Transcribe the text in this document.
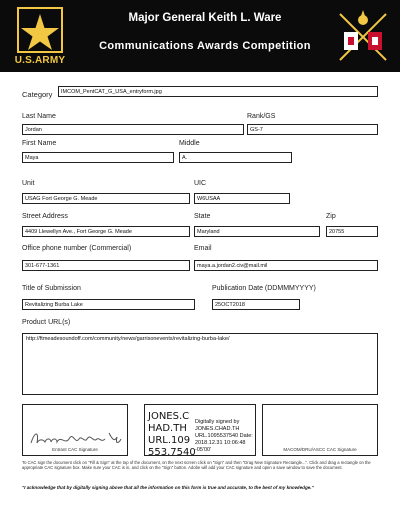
U.S.ARMY
Major General Keith L. Ware
Communications Awards Competition
Category	IMCOM_PentCAT_G_USA_entryform.jpg
Last Name
Jordan
Rank/GS
GS-7
First Name
Maya
Middle
A.
Unit
USAG Fort George G. Meade
UIC
W6USAA
Street Address
4409 Llewellyn Ave., Fort George G. Meade
State
Maryland
Zip
20755
Office phone number (Commercial)
301-677-1361
Email
maya.a.jordan2.civ@mail.mil
Title of Submission
Revitalizing Burba Lake
Publication Date (DDMMMYYYY)
25OCT2018
Product URL(s)
http://ftmeadesoundoff.com/community/news/garrisonevents/revitalizing-burba-lake/
Entrant CAC Signature
JONES.C HAD.TH URL.109 553.7540
Digitally signed by JONES.CHAD.TH URL.1095537540 Date: 2018.12.31 10:06:48 -05'00'	MACOM/DRU/ASCC CAC Signature
To CAC sign the document click on "Fill & Sign" at the top of the document, on the next screen click on "Sign" and then "Drag New Signature Rectangle...". Click and drag a rectangle on the appropriate CAC signature box. Make sure your CAC is in, and click on the "Sign" button. Adobe will add your CAC signature and open a save window to save the document.
"I acknowledge that by digitally signing above that all the information on this form is true and accurate, to the best of my knowledge."
